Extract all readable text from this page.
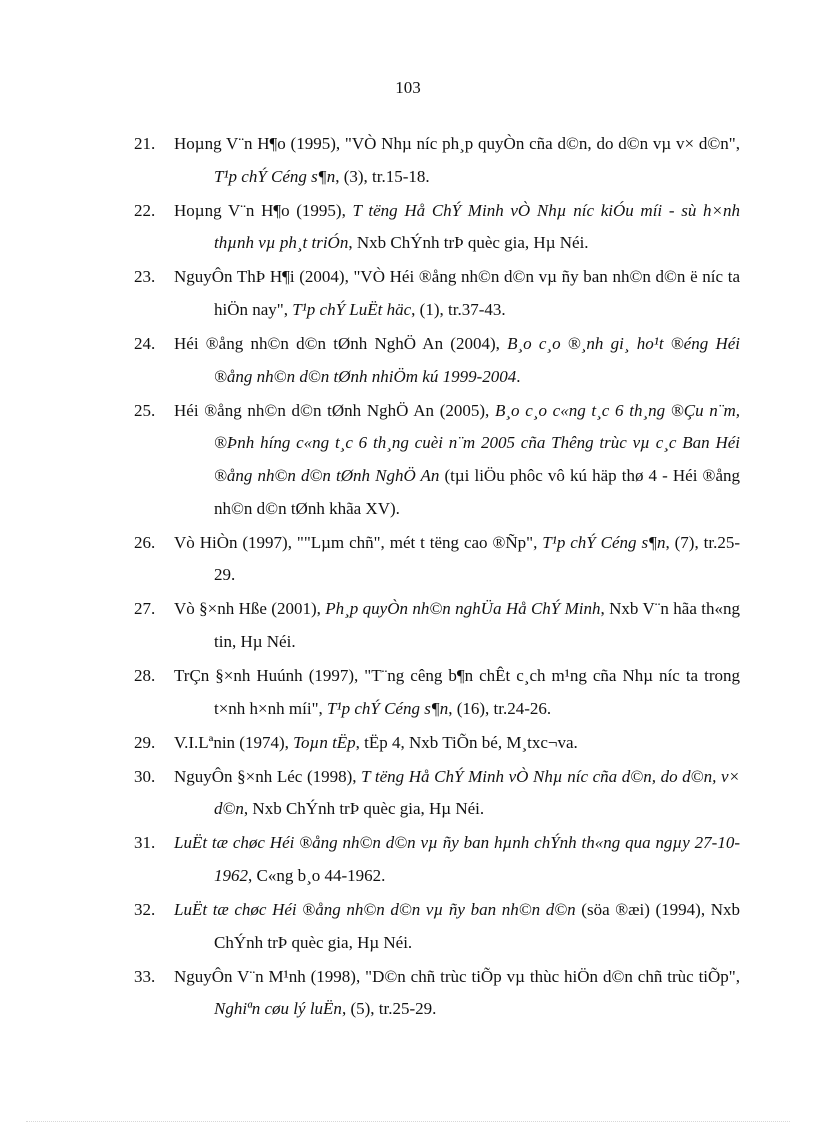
103
21. Hoµng V¨n H¶o (1995), "VÒ Nhµ níc ph¸p quyÒn cña d©n, do d©n vµ v× d©n", T¹p chÝ Céng s¶n, (3), tr.15-18.
22. Hoµng V¨n H¶o (1995), T tëng Hå ChÝ Minh vÒ Nhµ níc kiÓu míi - sù h×nh thµnh vµ ph¸t triÓn, Nxb ChÝnh trÞ quèc gia, Hµ Néi.
23. NguyÔn ThÞ H¶i (2004), "VÒ Héi ®ång nh©n d©n vµ ñy ban nh©n d©n ë níc ta hiÖn nay", T¹p chÝ LuËt häc, (1), tr.37-43.
24. Héi ®ång nh©n d©n tØnh NghÖ An (2004), B¸o c¸o ®¸nh gi¸ ho¹t ®éng Héi ®ång nh©n d©n tØnh nhiÖm kú 1999-2004.
25. Héi ®ång nh©n d©n tØnh NghÖ An (2005), B¸o c¸o c«ng t¸c 6 th¸ng ®Çu n¨m, ®Þnh híng c«ng t¸c 6 th¸ng cuèi n¨m 2005 cña Thêng trùc vµ c¸c Ban Héi ®ång nh©n d©n tØnh NghÖ An (tµi liÖu phôc vô kú häp thø 4 - Héi ®ång nh©n d©n tØnh khãa XV).
26. Vò HiÒn (1997), ""Lµm chñ", mét t tëng cao ®Ñp", T¹p chÝ Céng s¶n, (7), tr.25-29.
27. Vò §×nh Hße (2001), Ph¸p quyÒn nh©n nghÜa Hå ChÝ Minh, Nxb V¨n hãa th«ng tin, Hµ Néi.
28. TrÇn §×nh Huúnh (1997), "T¨ng cêng b¶n chÊt c¸ch m¹ng cña Nhµ níc ta trong t×nh h×nh míi", T¹p chÝ Céng s¶n, (16), tr.24-26.
29. V.I.Lªnin (1974), Toµn tËp, tËp 4, Nxb TiÕn bé, M¸txc¬va.
30. NguyÔn §×nh Léc (1998), T tëng Hå ChÝ Minh vÒ Nhµ níc cña d©n, do d©n, v× d©n, Nxb ChÝnh trÞ quèc gia, Hµ Néi.
31. LuËt tæ chøc Héi ®ång nh©n d©n vµ ñy ban hµnh chÝnh th«ng qua ngµy 27-10-1962, C«ng b¸o 44-1962.
32. LuËt tæ chøc Héi ®ång nh©n d©n vµ ñy ban nh©n d©n (söa ®æi) (1994), Nxb ChÝnh trÞ quèc gia, Hµ Néi.
33. NguyÔn V¨n M¹nh (1998), "D©n chñ trùc tiÕp vµ thùc hiÖn d©n chñ trùc tiÕp", Nghiªn cøu lý luËn, (5), tr.25-29.
